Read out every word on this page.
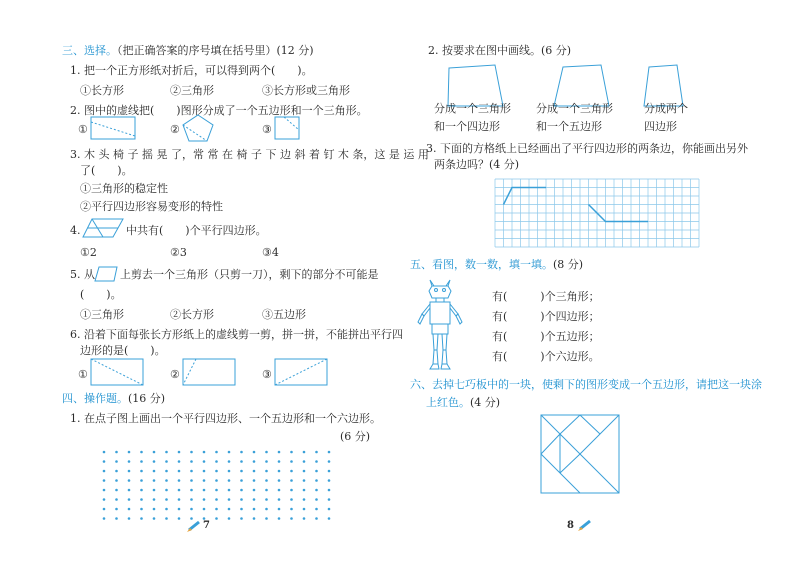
三、选择。（把正确答案的序号填在括号里）(12 分)
1. 把一个正方形纸对折后，可以得到两个(　　)。
①长方形	②三角形	③长方形或三角形
2. 图中的虚线把(　　)图形分成了一个五边形和一个三角形。
①	②	③
3. 木 头 椅 子 摇 晃 了，常 常 在 椅 子 下 边 斜 着 钉 木 条，这 是 运 用
了(　　)。
①三角形的稳定性
②平行四边形容易变形的特性
4.	中共有(　　)个平行四边形。
①2	②3	③4
5. 从 上剪去一个三角形（只剪一刀），剩下的部分不可能是
(　　)。
①三角形	②长方形	③五边形
6. 沿着下面每张长方形纸上的虚线剪一剪，拼一拼，不能拼出平行四
边形的是(　　)。
①	②	③
四、操作题。(16 分)
1. 在点子图上画出一个平行四边形、一个五边形和一个六边形。
(6 分)
7
2. 按要求在图中画线。(6 分)
分成一个三角形
和一个四边形
分成一个三角形
和一个五边形
分成两个
四边形
3. 下面的方格纸上已经画出了平行四边形的两条边，你能画出另外
两条边吗？(4 分)
五、看图，数一数，填一填。(8 分)
有(　　　)个三角形；
有(　　　)个四边形；
有(　　　)个五边形；
有(　　　)个六边形。
六、去掉七巧板中的一块，使剩下的图形变成一个五边形，请把这一块涂
上红色。(4 分)
8
